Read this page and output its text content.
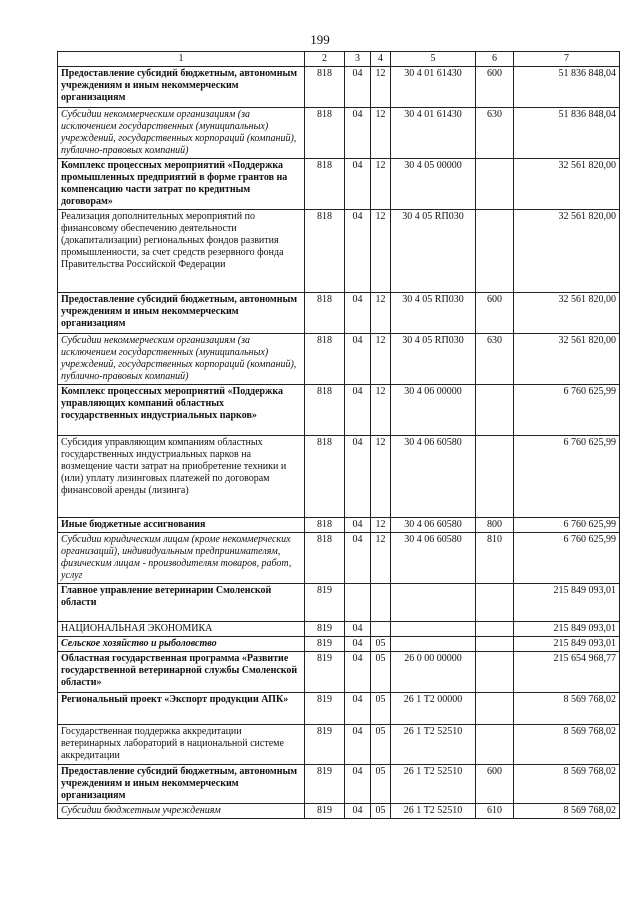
199
1	2	3	4	5	6	7
Предоставление субсидий бюджетным, автономным учреждениям и иным некоммерческим организациям	818	04	12	30 4 01 61430	600	51 836 848,04
Субсидии некоммерческим организациям (за исключением государственных (муниципальных) учреждений, государственных корпораций (компаний), публично-правовых компаний)	818	04	12	30 4 01 61430	630	51 836 848,04
Комплекс процессных мероприятий «Поддержка промышленных предприятий в форме грантов на компенсацию части затрат по кредитным договорам»	818	04	12	30 4 05 00000		32 561 820,00
Реализация дополнительных мероприятий по финансовому обеспечению деятельности (докапитализации) региональных фондов развития промышленности, за счет средств резервного фонда Правительства Российской Федерации	818	04	12	30 4 05 RП030		32 561 820,00
Предоставление субсидий бюджетным, автономным учреждениям и иным некоммерческим организациям	818	04	12	30 4 05 RП030	600	32 561 820,00
Субсидии некоммерческим организациям (за исключением государственных (муниципальных) учреждений, государственных корпораций (компаний), публично-правовых компаний)	818	04	12	30 4 05 RП030	630	32 561 820,00
Комплекс процессных мероприятий «Поддержка управляющих компаний областных государственных индустриальных парков»	818	04	12	30 4 06 00000		6 760 625,99
Субсидия управляющим компаниям областных государственных индустриальных парков на возмещение части затрат на приобретение техники и (или) уплату лизинговых платежей по договорам финансовой аренды (лизинга)	818	04	12	30 4 06 60580		6 760 625,99
Иные бюджетные ассигнования	818	04	12	30 4 06 60580	800	6 760 625,99
Субсидии юридическим лицам (кроме некоммерческих организаций), индивидуальным предпринимателям, физическим лицам - производителям товаров, работ, услуг	818	04	12	30 4 06 60580	810	6 760 625,99
Главное управление ветеринарии Смоленской области	819					215 849 093,01
НАЦИОНАЛЬНАЯ ЭКОНОМИКА	819	04				215 849 093,01
Сельское хозяйство и рыболовство	819	04	05			215 849 093,01
Областная государственная программа «Развитие государственной ветеринарной службы Смоленской области»	819	04	05	26 0 00 00000		215 654 968,77
Региональный проект «Экспорт продукции АПК»	819	04	05	26 1 Т2 00000		8 569 768,02
Государственная поддержка аккредитации ветеринарных лабораторий в национальной системе аккредитации	819	04	05	26 1 Т2 52510		8 569 768,02
Предоставление субсидий бюджетным, автономным учреждениям и иным некоммерческим организациям	819	04	05	26 1 Т2 52510	600	8 569 768,02
Субсидии бюджетным учреждениям	819	04	05	26 1 Т2 52510	610	8 569 768,02
